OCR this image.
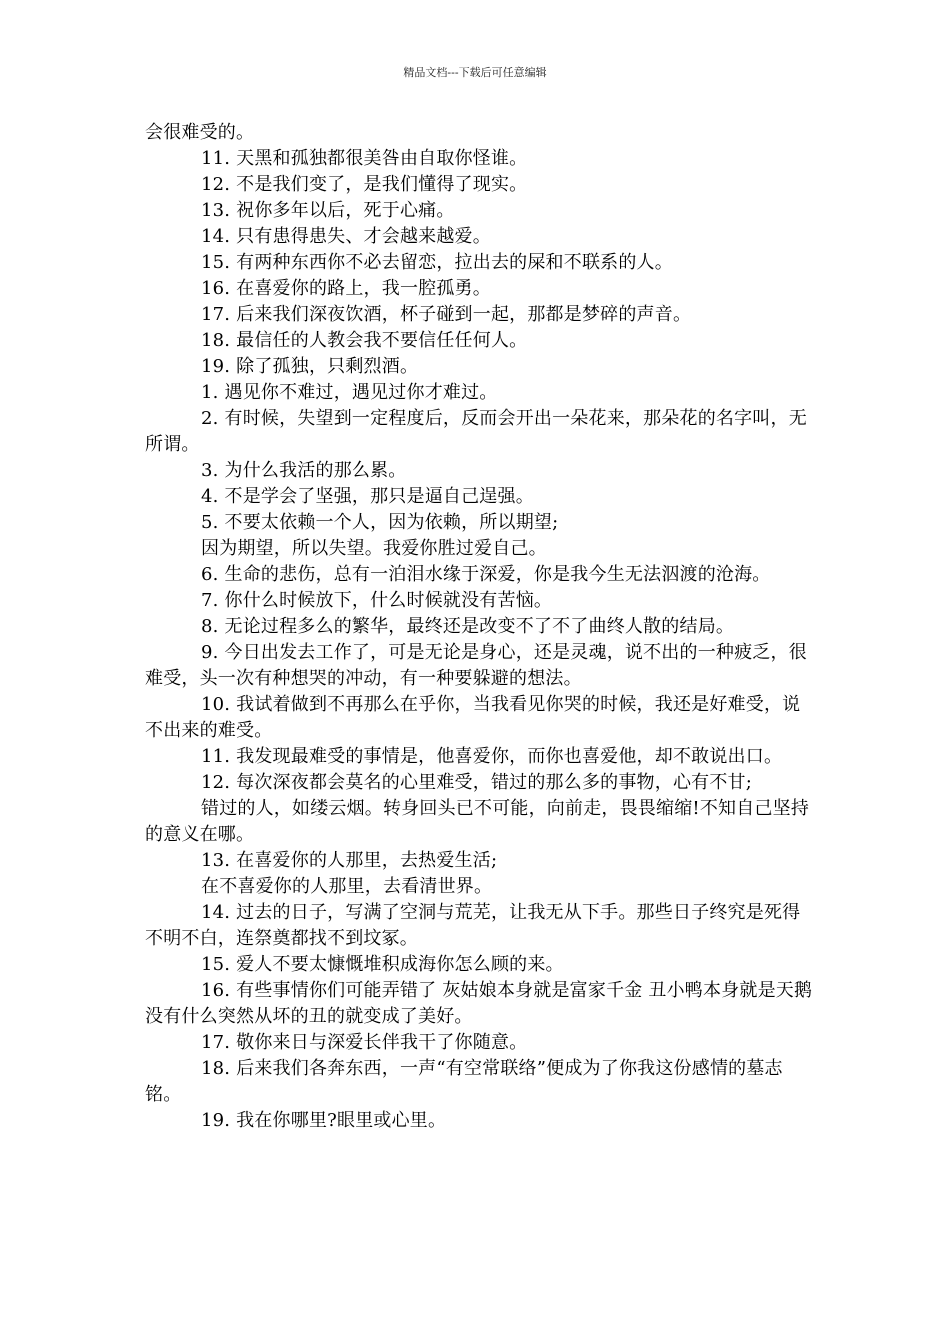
精品文档---下载后可任意编辑

会很难受的。

11. 天黑和孤独都很美咎由自取你怪谁。

12. 不是我们变了，是我们懂得了现实。

13. 祝你多年以后，死于心痛。

14. 只有患得患失、才会越来越爱。

15. 有两种东西你不必去留恋，拉出去的屎和不联系的人。

16. 在喜爱你的路上，我一腔孤勇。

17. 后来我们深夜饮酒，杯子碰到一起，那都是梦碎的声音。

18. 最信任的人教会我不要信任任何人。

19. 除了孤独，只剩烈酒。

1. 遇见你不难过，遇见过你才难过。

2. 有时候，失望到一定程度后，反而会开出一朵花来，那朵花的名字叫，无所谓。

3. 为什么我活的那么累。

4. 不是学会了坚强，那只是逼自己逞强。

5. 不要太依赖一个人，因为依赖，所以期望;

因为期望，所以失望。我爱你胜过爱自己。

6. 生命的悲伤，总有一泊泪水缘于深爱，你是我今生无法泅渡的沧海。

7. 你什么时候放下，什么时候就没有苦恼。

8. 无论过程多么的繁华，最终还是改变不了不了曲终人散的结局。

9. 今日出发去工作了，可是无论是身心，还是灵魂，说不出的一种疲乏，很难受，头一次有种想哭的冲动，有一种要躲避的想法。

10. 我试着做到不再那么在乎你，当我看见你哭的时候，我还是好难受，说不出来的难受。

11. 我发现最难受的事情是，他喜爱你，而你也喜爱他，却不敢说出口。

12. 每次深夜都会莫名的心里难受，错过的那么多的事物，心有不甘;

错过的人，如缕云烟。转身回头已不可能，向前走，畏畏缩缩!不知自己坚持的意义在哪。

13. 在喜爱你的人那里，去热爱生活;

在不喜爱你的人那里，去看清世界。

14. 过去的日子，写满了空洞与荒芜，让我无从下手。那些日子终究是死得不明不白，连祭奠都找不到坟冢。

15. 爱人不要太慷慨堆积成海你怎么顾的来。

16. 有些事情你们可能弄错了 灰姑娘本身就是富家千金 丑小鸭本身就是天鹅 没有什么突然从坏的丑的就变成了美好。

17. 敬你来日与深爱长伴我干了你随意。

18. 后来我们各奔东西，一声“有空常联络”便成为了你我这份感情的墓志铭。

19. 我在你哪里?眼里或心里。
